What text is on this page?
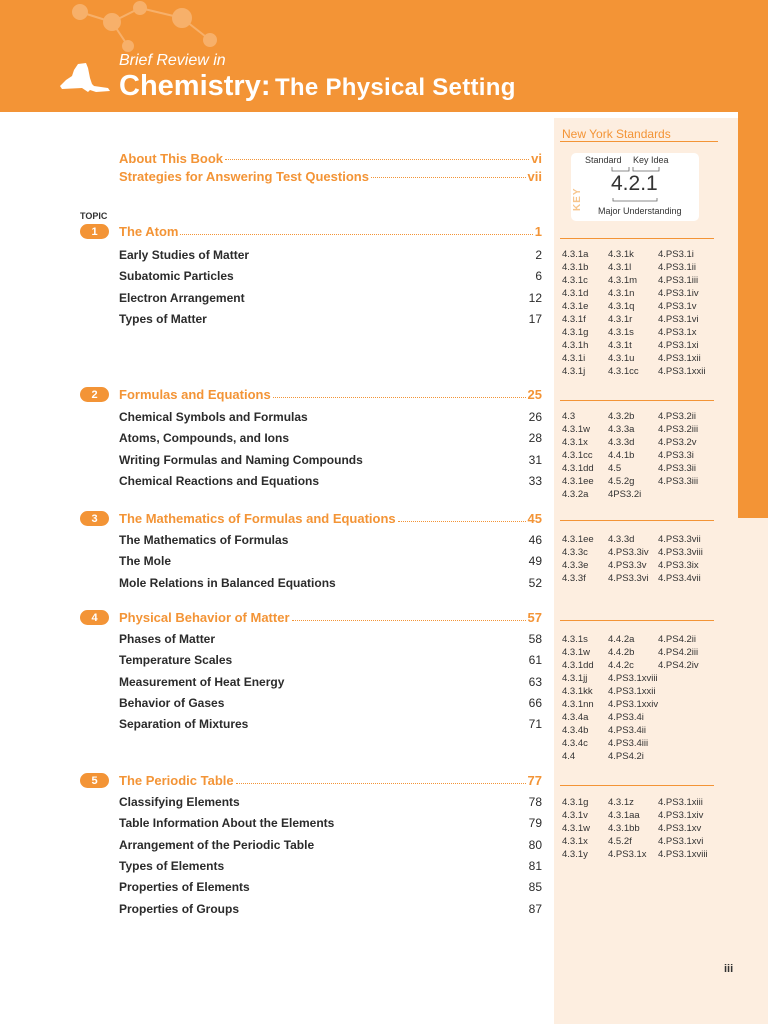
Brief Review in
Chemistry: The Physical Setting
New York Standards
KEY
Standard Key Idea
4.2.1
Major Understanding
About This Book	vi
Strategies for Answering Test Questions	vii
TOPIC
1	The Atom	1
Early Studies of Matter	2
Subatomic Particles	6
Electron Arrangement	12
Types of Matter	17
4.3.1a 4.3.1k	4.PS3.1i
4.3.1b 4.3.1l	4.PS3.1ii
4.3.1c 4.3.1m 4.PS3.1iii
4.3.1d 4.3.1n 4.PS3.1iv
4.3.1e 4.3.1q 4.PS3.1v
4.3.1f 4.3.1r	4.PS3.1vi
4.3.1g 4.3.1s	4.PS3.1x
4.3.1h 4.3.1t	4.PS3.1xi
4.3.1i 4.3.1u 4.PS3.1xii
4.3.1j 4.3.1cc 4.PS3.1xxii
2	Formulas and Equations	25
Chemical Symbols and Formulas	26
Atoms, Compounds, and Ions	28
Writing Formulas and Naming Compounds	31
Chemical Reactions and Equations	33
4.3	4.3.2b 4.PS3.2ii
4.3.1w 4.3.3a 4.PS3.2iii
4.3.1x 4.3.3d 4.PS3.2v
4.3.1cc 4.4.1b 4.PS3.3i
4.3.1dd 4.5	4.PS3.3ii
4.3.1ee 4.5.2g 4.PS3.3iii
4.3.2a 4PS3.2i
3	The Mathematics of Formulas and Equations	45
The Mathematics of Formulas	46
The Mole	49
Mole Relations in Balanced Equations	52
4.3.1ee 4.3.3d 4.PS3.3vii
4.3.3c 4.PS3.3iv 4.PS3.3viii
4.3.3e 4.PS3.3v 4.PS3.3ix
4.3.3f 4.PS3.3vi 4.PS3.4vii
4	Physical Behavior of Matter	57
Phases of Matter	58
Temperature Scales	61
Measurement of Heat Energy	63
Behavior of Gases	66
Separation of Mixtures	71
4.3.1s 4.4.2a 4.PS4.2ii
4.3.1w 4.4.2b 4.PS4.2iii
4.3.1dd 4.4.2c	4.PS4.2iv
4.3.1jj 4.PS3.1xviii
4.3.1kk 4.PS3.1xxii
4.3.1nn 4.PS3.1xxiv
4.3.4a 4.PS3.4i
4.3.4b 4.PS3.4ii
4.3.4c 4.PS3.4iii
4.4	4.PS4.2i
5	The Periodic Table	77
Classifying Elements	78
Table Information About the Elements	79
Arrangement of the Periodic Table	80
Types of Elements	81
Properties of Elements	85
Properties of Groups	87
4.3.1g 4.3.1z	4.PS3.1xiii
4.3.1v 4.3.1aa 4.PS3.1xiv
4.3.1w 4.3.1bb 4.PS3.1xv
4.3.1x 4.5.2f	4.PS3.1xvi
4.3.1y 4.PS3.1x 4.PS3.1xviii
iii
